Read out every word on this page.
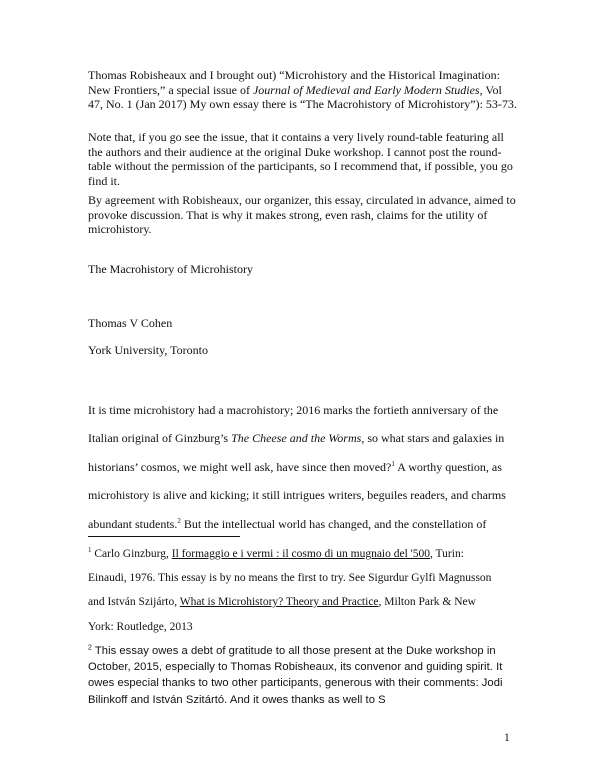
Thomas Robisheaux and I brought out) “Microhistory and the Historical Imagination:
New Frontiers,” a special issue of Journal of Medieval and Early Modern Studies, Vol
47, No. 1 (Jan 2017) My own essay there is “The Macrohistory of Microhistory”): 53-73.
Note that, if you go see the issue, that it contains a very lively round-table featuring all
the authors and their audience at the original Duke workshop. I cannot post the round-
table without the permission of the participants, so I recommend that, if possible, you go
find it.
By agreement with Robisheaux, our organizer, this essay, circulated in advance, aimed to
provoke discussion. That is why it makes strong, even rash, claims for the utility of
microhistory.
The Macrohistory of Microhistory
Thomas V Cohen
York University, Toronto
It is time microhistory had a macrohistory; 2016 marks the fortieth anniversary of the
Italian original of Ginzburg’s The Cheese and the Worms, so what stars and galaxies in
historians’ cosmos, we might well ask, have since then moved?$^1$ A worthy question, as
microhistory is alive and kicking; it still intrigues writers, beguiles readers, and charms
abundant students.$^2$ But the intellectual world has changed, and the constellation of
$^1$ Carlo Ginzburg, Il formaggio e i vermi : il cosmo di un mugnaio del '500, Turin:
Einaudi, 1976. This essay is by no means the first to try. See Sigurdur Gylfi Magnusson
and István Szijárto, What is Microhistory? Theory and Practice, Milton Park & New
York: Routledge, 2013
$^2$ This essay owes a debt of gratitude to all those present at the Duke workshop in
October, 2015, especially to Thomas Robisheaux, its convenor and guiding spirit. It
owes especial thanks to two other participants, generous with their comments: Jodi
Bilinkoff and István Szitártó. And it owes thanks as well to S
1
